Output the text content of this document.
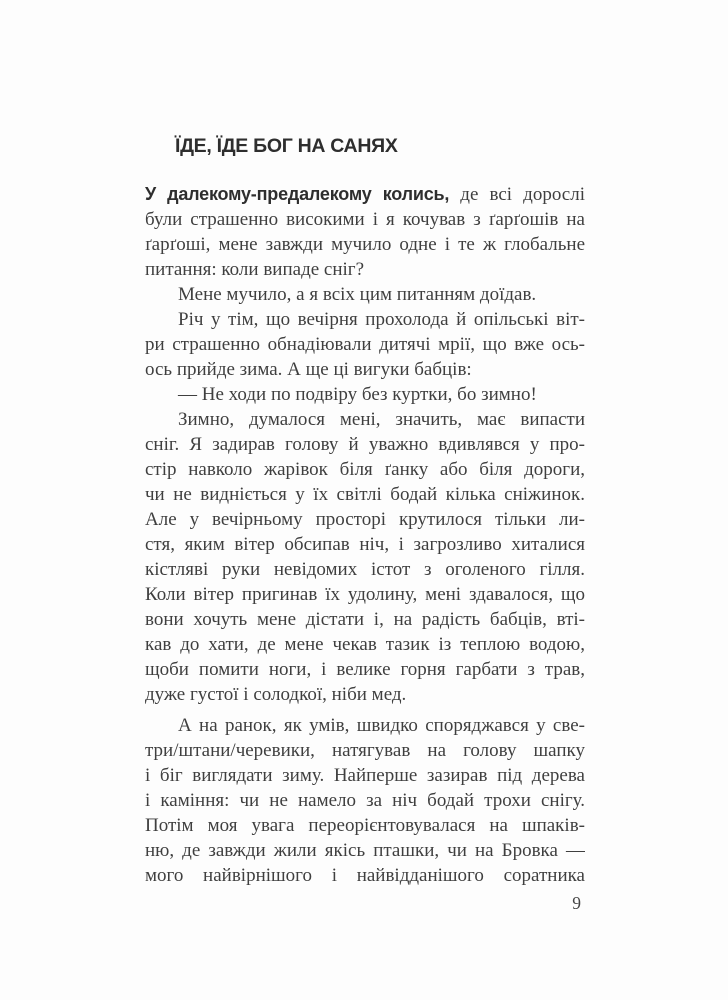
ЇДЕ, ЇДЕ БОГ НА САНЯХ
У далекому-предалекому колись, де всі дорослі
були страшенно високими і я кочував з ґарґошів на
ґарґоші, мене завжди мучило одне і те ж глобальне
питання: коли випаде сніг?
Мене мучило, а я всіх цим питанням доїдав.
Річ у тім, що вечірня прохолода й опільські віт-
ри страшенно обнадіювали дитячі мрії, що вже ось-
ось прийде зима. А ще ці вигуки бабців:
— Не ходи по подвіру без куртки, бо зимно!
Зимно, думалося мені, значить, має випасти
сніг. Я задирав голову й уважно вдивлявся у про-
стір навколо жарівок біля ґанку або біля дороги,
чи не видніється у їх світлі бодай кілька сніжинок.
Але у вечірньому просторі крутилося тільки ли-
стя, яким вітер обсипав ніч, і загрозливо хиталися
кістляві руки невідомих істот з оголеного гілля.
Коли вітер пригинав їх удолину, мені здавалося, що
вони хочуть мене дістати і, на радість бабців, вті-
кав до хати, де мене чекав тазик із теплою водою,
щоби помити ноги, і велике горня гарбати з трав,
дуже густої і солодкої, ніби мед.
А на ранок, як умів, швидко споряджався у све-
три/штани/черевики, натягував на голову шапку
і біг виглядати зиму. Найперше зазирав під дерева
і каміння: чи не намело за ніч бодай трохи снігу.
Потім моя увага переорієнтовувалася на шпаків-
ню, де завжди жили якісь пташки, чи на Бровка —
мого найвірнішого і найвідданішого соратника
9
